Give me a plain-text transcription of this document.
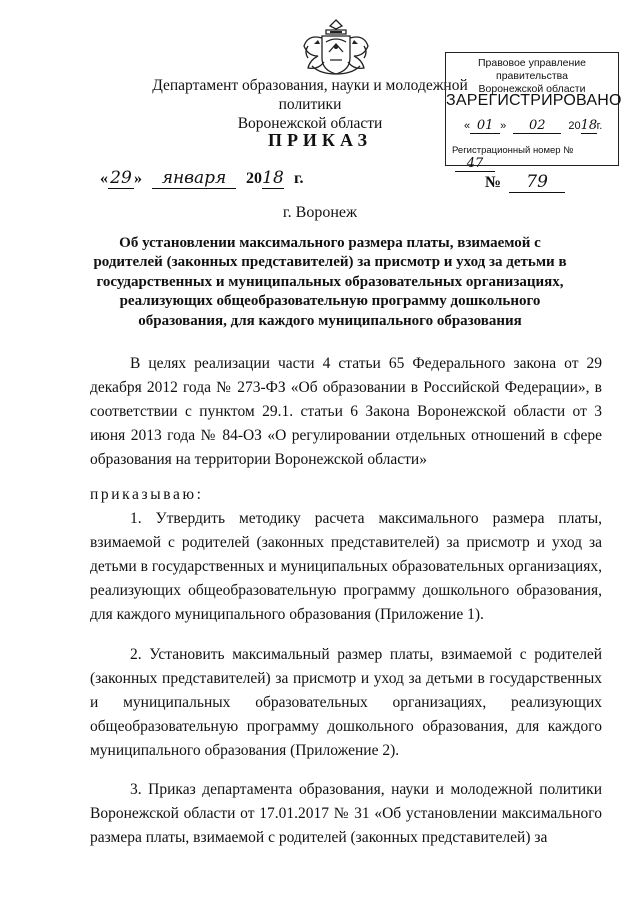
Департамент образования, науки и молодежной политики
Воронежской области
Правовое управление правительства
Воронежской области
ЗАРЕГИСТРИРОВАНО
« 01 » 02 2018г.
Регистрационный номер № 47
ПРИКАЗ
« 29 » января 2018 г.	№ 79
г. Воронеж
Об установлении максимального размера платы, взимаемой с родителей (законных представителей) за присмотр и уход за детьми в государственных и муниципальных образовательных организациях, реализующих общеобразовательную программу дошкольного образования, для каждого муниципального образования
В целях реализации части 4 статьи 65 Федерального закона от 29 декабря 2012 года № 273-ФЗ «Об образовании в Российской Федерации», в соответствии с пунктом 29.1. статьи 6 Закона Воронежской области от 3 июня 2013 года № 84-ОЗ «О регулировании отдельных отношений в сфере образования на территории Воронежской области»
приказываю:
1. Утвердить методику расчета максимального размера платы, взимаемой с родителей (законных представителей) за присмотр и уход за детьми в государственных и муниципальных образовательных организациях, реализующих общеобразовательную программу дошкольного образования, для каждого муниципального образования (Приложение 1).
2. Установить максимальный размер платы, взимаемой с родителей (законных представителей) за присмотр и уход за детьми в государственных и муниципальных образовательных организациях, реализующих общеобразовательную программу дошкольного образования, для каждого муниципального образования (Приложение 2).
3. Приказ департамента образования, науки и молодежной политики Воронежской области от 17.01.2017 № 31 «Об установлении максимального размера платы, взимаемой с родителей (законных представителей) за
